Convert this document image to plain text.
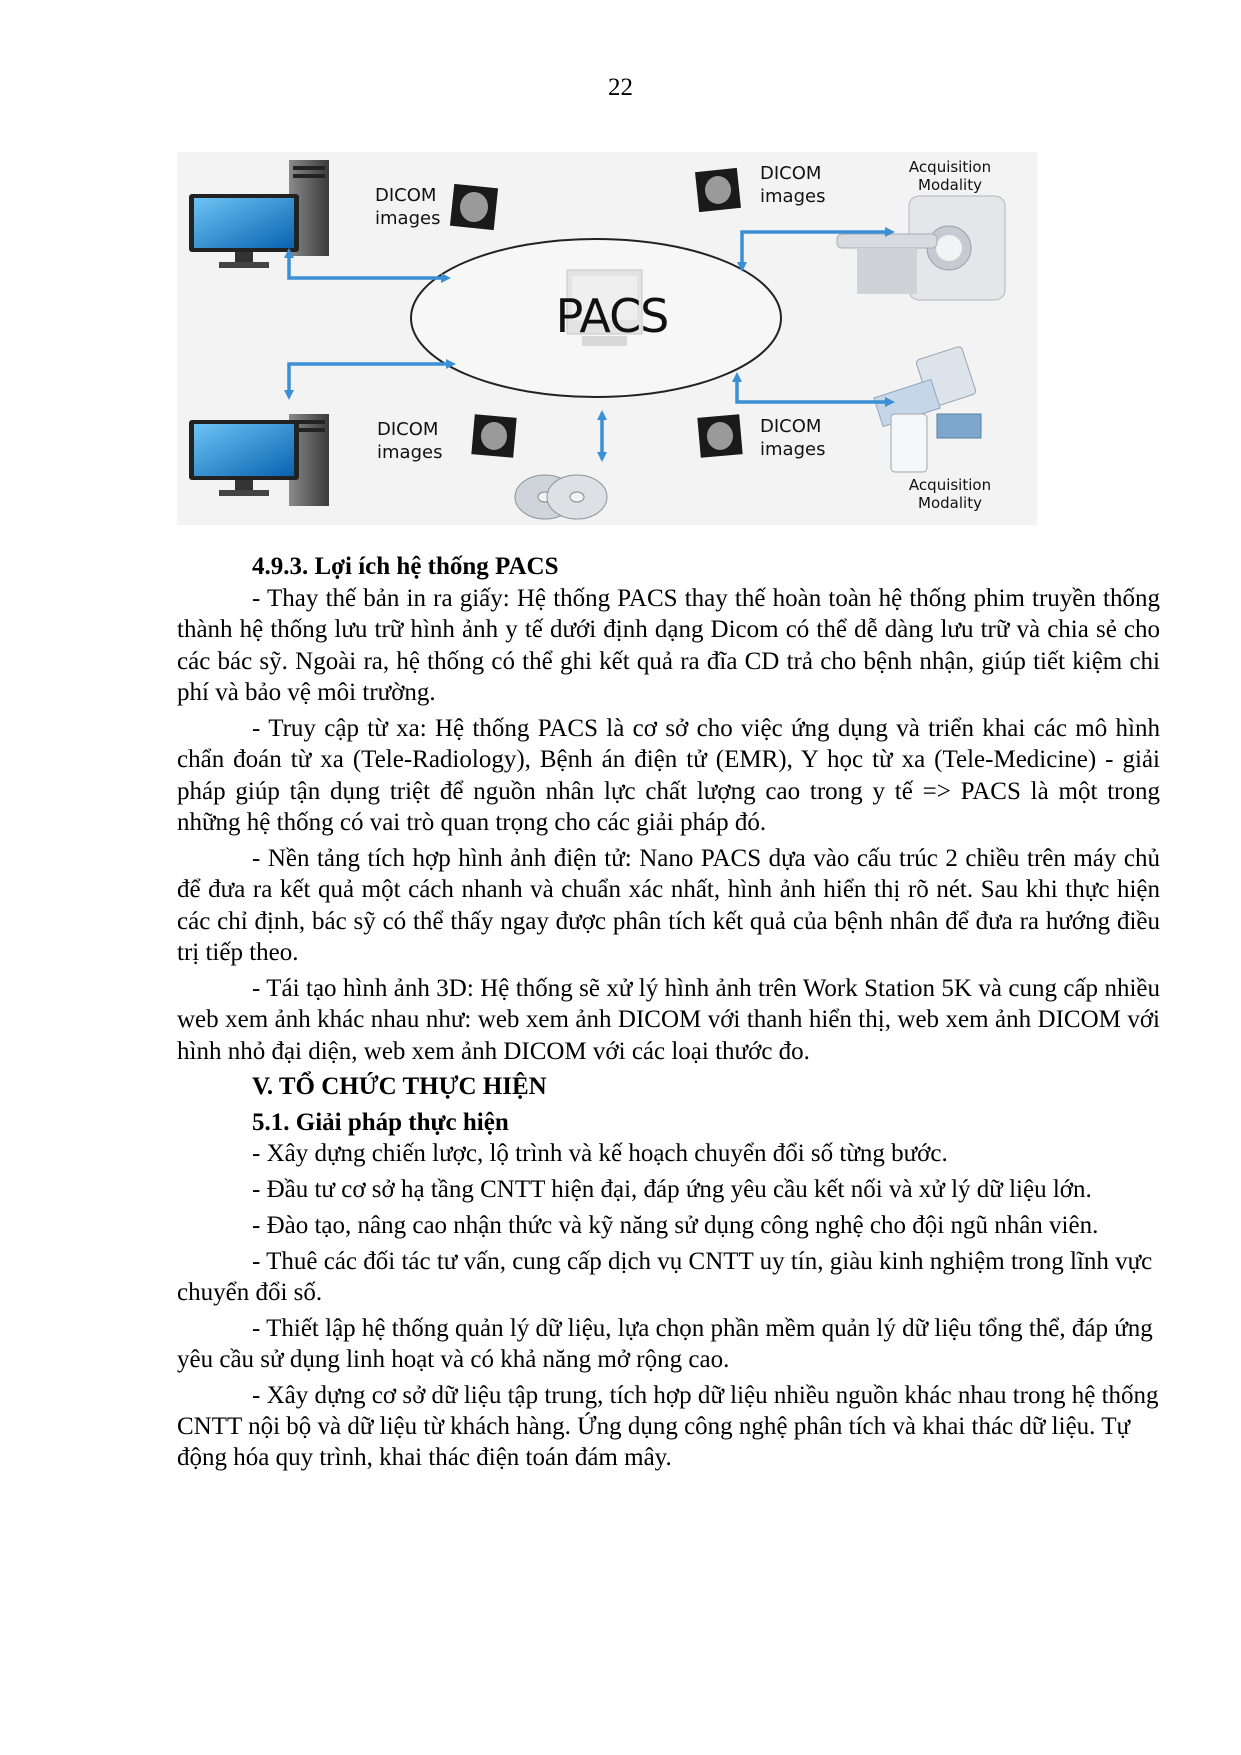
22
PACS
DICOM
images
DICOM
images
DICOM
images
DICOM
images
Acquisition
Modality
Acquisition
Modality

4.9.3. Lợi ích hệ thống PACS

- Thay thế bản in ra giấy: Hệ thống PACS thay thế hoàn toàn hệ thống phim truyền thống thành hệ thống lưu trữ hình ảnh y tế dưới định dạng Dicom có thể dễ dàng lưu trữ và chia sẻ cho các bác sỹ. Ngoài ra, hệ thống có thể ghi kết quả ra đĩa CD trả cho bệnh nhận, giúp tiết kiệm chi phí và bảo vệ môi trường.

- Truy cập từ xa: Hệ thống PACS là cơ sở cho việc ứng dụng và triển khai các mô hình chẩn đoán từ xa (Tele-Radiology), Bệnh án điện tử (EMR), Y học từ xa (Tele-Medicine) - giải pháp giúp tận dụng triệt để nguồn nhân lực chất lượng cao trong y tế => PACS là một trong những hệ thống có vai trò quan trọng cho các giải pháp đó.

- Nền tảng tích hợp hình ảnh điện tử: Nano PACS dựa vào cấu trúc 2 chiều trên máy chủ để đưa ra kết quả một cách nhanh và chuẩn xác nhất, hình ảnh hiển thị rõ nét. Sau khi thực hiện các chỉ định, bác sỹ có thể thấy ngay được phân tích kết quả của bệnh nhân để đưa ra hướng điều trị tiếp theo.

- Tái tạo hình ảnh 3D: Hệ thống sẽ xử lý hình ảnh trên Work Station 5K và cung cấp nhiều web xem ảnh khác nhau như: web xem ảnh DICOM với thanh hiển thị, web xem ảnh DICOM với hình nhỏ đại diện, web xem ảnh DICOM với các loại thước đo.

V. TỔ CHỨC THỰC HIỆN

5.1. Giải pháp thực hiện

- Xây dựng chiến lược, lộ trình và kế hoạch chuyển đổi số từng bước.

- Đầu tư cơ sở hạ tầng CNTT hiện đại, đáp ứng yêu cầu kết nối và xử lý dữ liệu lớn.

- Đào tạo, nâng cao nhận thức và kỹ năng sử dụng công nghệ cho đội ngũ nhân viên.

- Thuê các đối tác tư vấn, cung cấp dịch vụ CNTT uy tín, giàu kinh nghiệm trong lĩnh vực chuyển đổi số.

- Thiết lập hệ thống quản lý dữ liệu, lựa chọn phần mềm quản lý dữ liệu tổng thể, đáp ứng yêu cầu sử dụng linh hoạt và có khả năng mở rộng cao.

- Xây dựng cơ sở dữ liệu tập trung, tích hợp dữ liệu nhiều nguồn khác nhau trong hệ thống CNTT nội bộ và dữ liệu từ khách hàng. Ứng dụng công nghệ phân tích và khai thác dữ liệu. Tự động hóa quy trình, khai thác điện toán đám mây.
